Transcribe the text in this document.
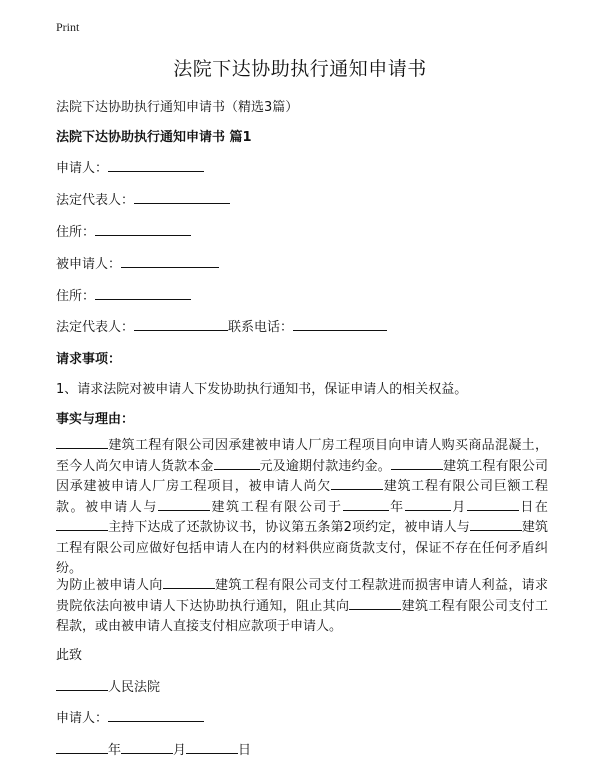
Print
法院下达协助执行通知申请书
法院下达协助执行通知申请书（精选3篇）
法院下达协助执行通知申请书 篇1
申请人：
法定代表人：
住所：
被申请人：
住所：
法定代表人：	联系电话：
请求事项：
1、请求法院对被申请人下发协助执行通知书，保证申请人的相关权益。
事实与理由：
建筑工程有限公司因承建被申请人厂房工程项目向申请人购买商品混凝土，至今人尚欠申请人货款本金	元及逾期付款违约金。	建筑工程有限公司因承建被申请人厂房工程项目，被申请人尚欠	建筑工程有限公司巨额工程款。被申请人与	建筑工程有限公司于	年	月	日在主持下达成了还款协议书，协议第五条第2项约定，被申请人与	建筑工程有限公司应做好包括申请人在内的材料供应商货款支付，保证不存在任何矛盾纠纷。
为防止被申请人向	建筑工程有限公司支付工程款进而损害申请人利益，请求贵院依法向被申请人下达协助执行通知，阻止其向	建筑工程有限公司支付工程款，或由被申请人直接支付相应款项于申请人。
此致
人民法院
申请人：
年	月	日
